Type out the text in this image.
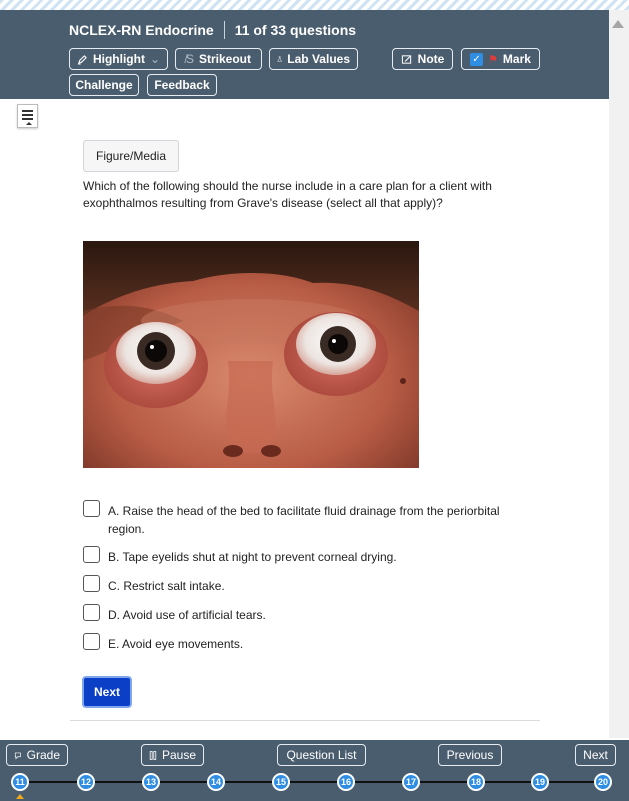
NCLEX-RN Endocrine 11 of 33 questions
Highlight ⌄ ̸S Strikeout	Lab Values	Note	✓ ⚑ Mark
Challenge Feedback
Figure/Media
Which of the following should the nurse include in a care plan for a client with exophthalmos resulting from Grave's disease (select all that apply)?
A. Raise the head of the bed to facilitate fluid drainage from the periorbital region.
B. Tape eyelids shut at night to prevent corneal drying.
C. Restrict salt intake.
D. Avoid use of artificial tears.
E. Avoid eye movements.
Next
Grade	Pause	Question List	Previous	Next
11	12	13	14	15	16	17	18	19	20
